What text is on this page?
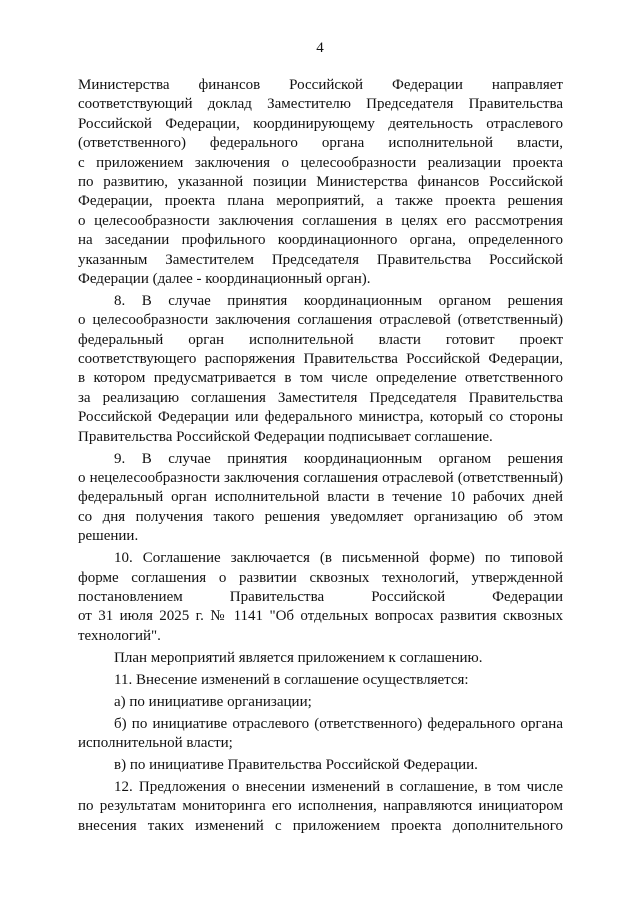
4
Министерства финансов Российской Федерации направляет
соответствующий доклад Заместителю Председателя Правительства
Российской Федерации, координирующему деятельность отраслевого
(ответственного) федерального органа исполнительной власти,
с приложением заключения о целесообразности реализации проекта
по развитию, указанной позиции Министерства финансов Российской
Федерации, проекта плана мероприятий, а также проекта решения
о целесообразности заключения соглашения в целях его рассмотрения
на заседании профильного координационного органа, определенного
указанным Заместителем Председателя Правительства Российской
Федерации (далее - координационный орган).
8. В случае принятия координационным органом решения
о целесообразности заключения соглашения отраслевой (ответственный)
федеральный орган исполнительной власти готовит проект
соответствующего распоряжения Правительства Российской Федерации,
в котором предусматривается в том числе определение ответственного
за реализацию соглашения Заместителя Председателя Правительства
Российской Федерации или федерального министра, который со стороны
Правительства Российской Федерации подписывает соглашение.
9. В случае принятия координационным органом решения
о нецелесообразности заключения соглашения отраслевой (ответственный)
федеральный орган исполнительной власти в течение 10 рабочих дней
со дня получения такого решения уведомляет организацию об этом
решении.
10. Соглашение заключается (в письменной форме) по типовой
форме соглашения о развитии сквозных технологий, утвержденной
постановлением Правительства Российской Федерации
от 31 июля 2025 г. № 1141 "Об отдельных вопросах развития сквозных
технологий".
План мероприятий является приложением к соглашению.
11. Внесение изменений в соглашение осуществляется:
а) по инициативе организации;
б) по инициативе отраслевого (ответственного) федерального органа
исполнительной власти;
в) по инициативе Правительства Российской Федерации.
12. Предложения о внесении изменений в соглашение, в том числе
по результатам мониторинга его исполнения, направляются инициатором
внесения таких изменений с приложением проекта дополнительного
